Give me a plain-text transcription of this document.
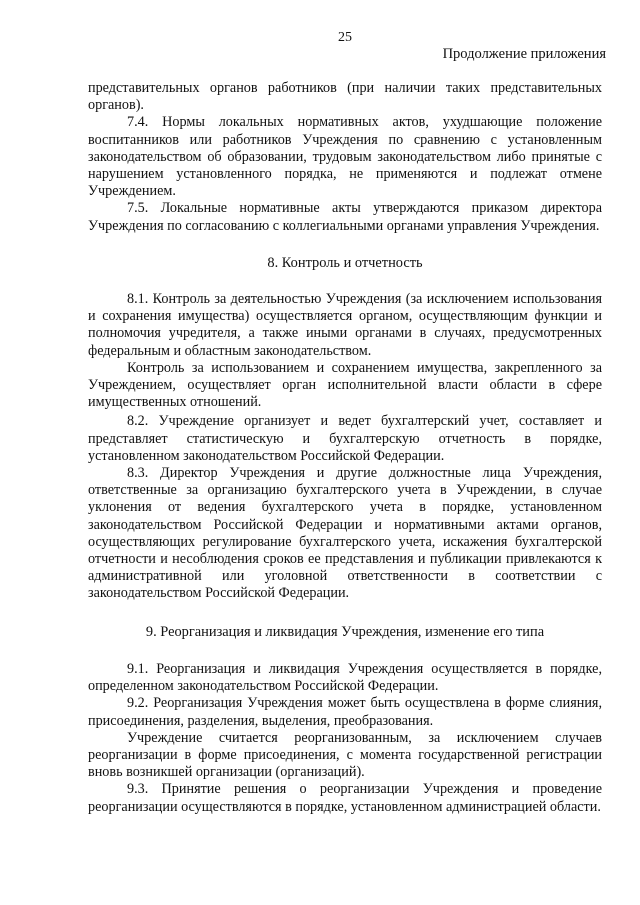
25
Продолжение приложения

представительных органов работников (при наличии таких представительных органов).

7.4. Нормы локальных нормативных актов, ухудшающие положение воспитанников или работников Учреждения по сравнению с установленным законодательством об образовании, трудовым законодательством либо принятые с нарушением установленного порядка, не применяются и подлежат отмене Учреждением.

7.5. Локальные нормативные акты утверждаются приказом директора Учреждения по согласованию с коллегиальными органами управления Учреждения.

8. Контроль и отчетность

8.1. Контроль за деятельностью Учреждения (за исключением использования и сохранения имущества) осуществляется органом, осуществляющим функции и полномочия учредителя, а также иными органами в случаях, предусмотренных федеральным и областным законодательством.

Контроль за использованием и сохранением имущества, закрепленного за Учреждением, осуществляет орган исполнительной власти области в сфере имущественных отношений.

8.2. Учреждение организует и ведет бухгалтерский учет, составляет и представляет статистическую и бухгалтерскую отчетность в порядке, установленном законодательством Российской Федерации.

8.3. Директор Учреждения и другие должностные лица Учреждения, ответственные за организацию бухгалтерского учета в Учреждении, в случае уклонения от ведения бухгалтерского учета в порядке, установленном законодательством Российской Федерации и нормативными актами органов, осуществляющих регулирование бухгалтерского учета, искажения бухгалтерской отчетности и несоблюдения сроков ее представления и публикации привлекаются к административной или уголовной ответственности в соответствии с законодательством Российской Федерации.

9. Реорганизация и ликвидация Учреждения, изменение его типа

9.1. Реорганизация и ликвидация Учреждения осуществляется в порядке, определенном законодательством Российской Федерации.

9.2. Реорганизация Учреждения может быть осуществлена в форме слияния, присоединения, разделения, выделения, преобразования.

Учреждение считается реорганизованным, за исключением случаев реорганизации в форме присоединения, с момента государственной регистрации вновь возникшей организации (организаций).

9.3. Принятие решения о реорганизации Учреждения и проведение реорганизации осуществляются в порядке, установленном администрацией области.
